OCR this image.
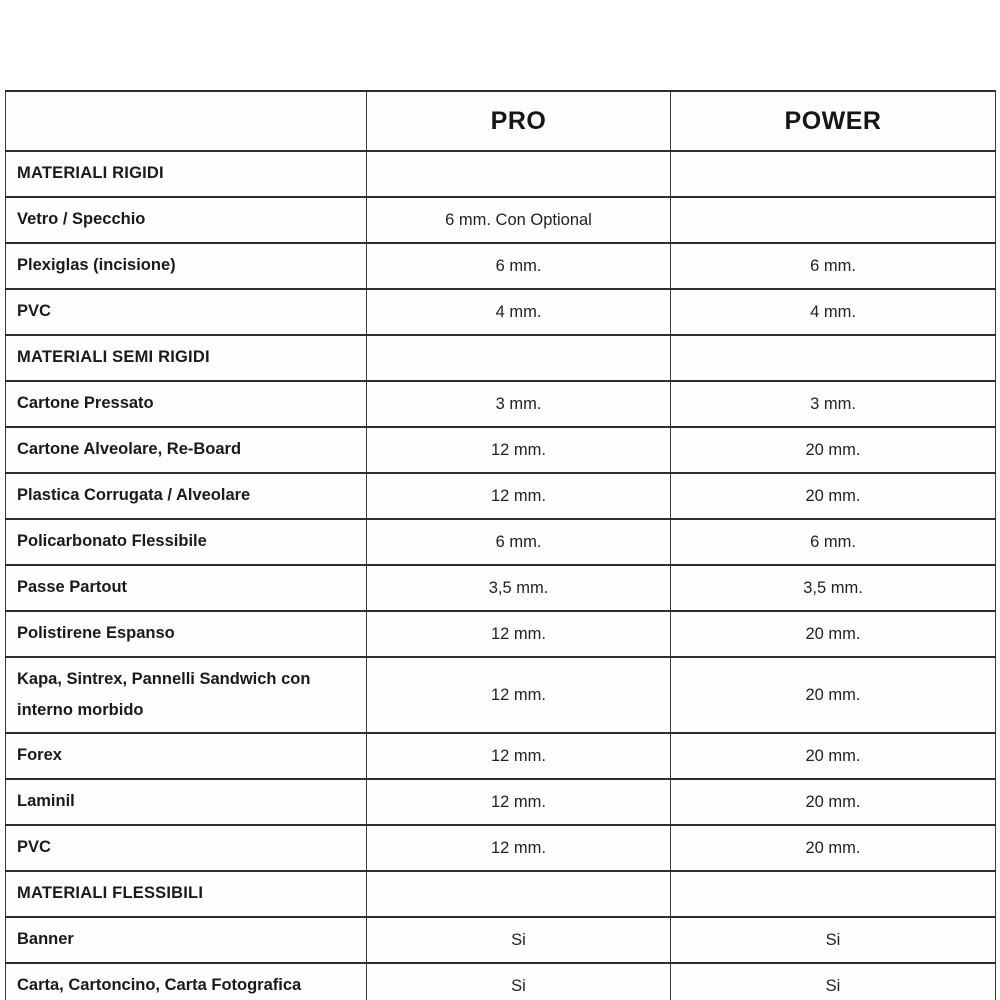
	PRO	POWER
MATERIALI RIGIDI		
Vetro / Specchio	6 mm. Con Optional	
Plexiglas (incisione)	6 mm.	6 mm.
PVC	4 mm.	4 mm.
MATERIALI SEMI RIGIDI		
Cartone Pressato	3 mm.	3 mm.
Cartone Alveolare, Re-Board	12 mm.	20 mm.
Plastica Corrugata / Alveolare	12 mm.	20 mm.
Policarbonato Flessibile	6 mm.	6 mm.
Passe Partout	3,5 mm.	3,5 mm.
Polistirene Espanso	12 mm.	20 mm.
Kapa, Sintrex, Pannelli Sandwich con interno morbido	12 mm.	20 mm.
Forex	12 mm.	20 mm.
Laminil	12 mm.	20 mm.
PVC	12 mm.	20 mm.
MATERIALI FLESSIBILI		
Banner	Si	Si
Carta, Cartoncino, Carta Fotografica	Si	Si
